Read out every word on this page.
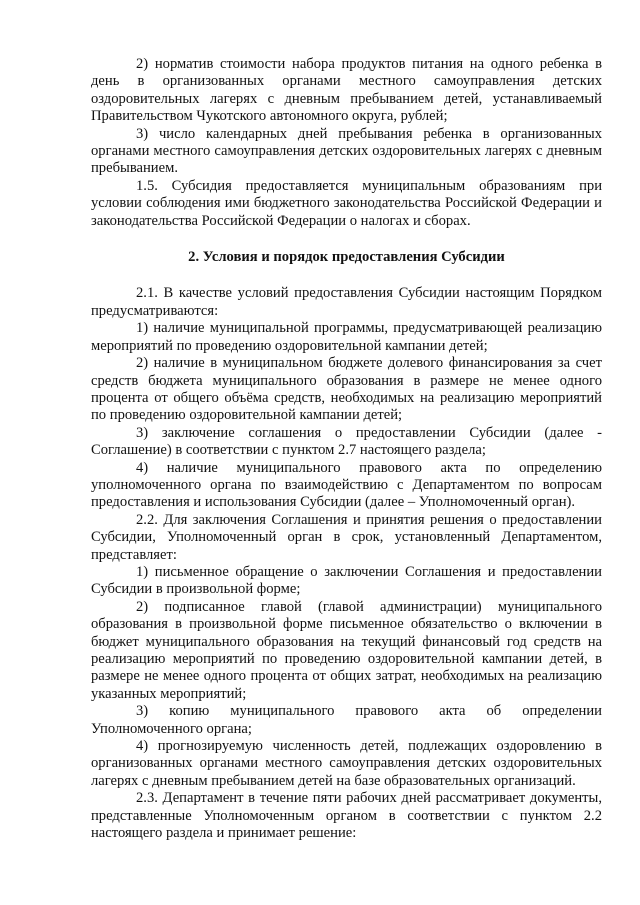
2) норматив стоимости набора продуктов питания на одного ребенка в день в организованных органами местного самоуправления детских оздоровительных лагерях с дневным пребыванием детей, устанавливаемый Правительством Чукотского автономного округа, рублей;

3) число календарных дней пребывания ребенка в организованных органами местного самоуправления детских оздоровительных лагерях с дневным пребыванием.

1.5. Субсидия предоставляется муниципальным образованиям при условии соблюдения ими бюджетного законодательства Российской Федерации и законодательства Российской Федерации о налогах и сборах.

2. Условия и порядок предоставления Субсидии

2.1. В качестве условий предоставления Субсидии настоящим Порядком предусматриваются:

1) наличие муниципальной программы, предусматривающей реализацию мероприятий по проведению оздоровительной кампании детей;

2) наличие в муниципальном бюджете долевого финансирования за счет средств бюджета муниципального образования в размере не менее одного процента от общего объёма средств, необходимых на реализацию мероприятий по проведению оздоровительной кампании детей;

3) заключение соглашения о предоставлении Субсидии (далее - Соглашение) в соответствии с пунктом 2.7 настоящего раздела;

4) наличие муниципального правового акта по определению уполномоченного органа по взаимодействию с Департаментом по вопросам предоставления и использования Субсидии (далее – Уполномоченный орган).

2.2. Для заключения Соглашения и принятия решения о предоставлении Субсидии, Уполномоченный орган в срок, установленный Департаментом, представляет:

1) письменное обращение о заключении Соглашения и предоставлении Субсидии в произвольной форме;

2) подписанное главой (главой администрации) муниципального образования в произвольной форме письменное обязательство о включении в бюджет муниципального образования на текущий финансовый год средств на реализацию мероприятий по проведению оздоровительной кампании детей, в размере не менее одного процента от общих затрат, необходимых на реализацию указанных мероприятий;

3) копию муниципального правового акта об определении Уполномоченного органа;

4) прогнозируемую численность детей, подлежащих оздоровлению в организованных органами местного самоуправления детских оздоровительных лагерях с дневным пребыванием детей на базе образовательных организаций.

2.3. Департамент в течение пяти рабочих дней рассматривает документы, представленные Уполномоченным органом в соответствии с пунктом 2.2 настоящего раздела и принимает решение:
